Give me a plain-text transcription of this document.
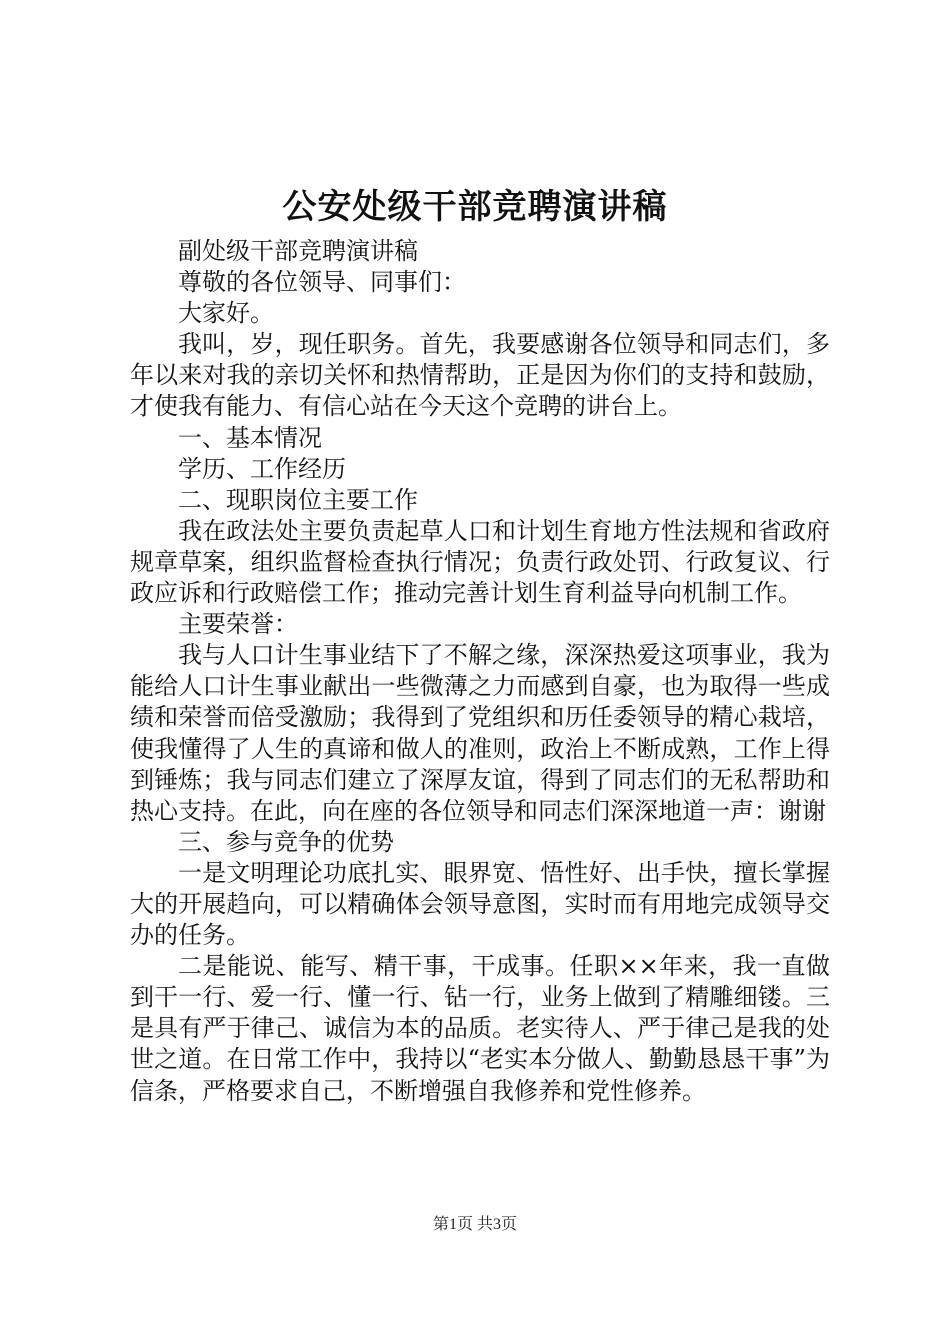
公安处级干部竞聘演讲稿

副处级干部竞聘演讲稿

尊敬的各位领导、同事们：

大家好。

我叫，岁，现任职务。首先，我要感谢各位领导和同志们，多年以来对我的亲切关怀和热情帮助，正是因为你们的支持和鼓励，才使我有能力、有信心站在今天这个竞聘的讲台上。

一、基本情况

学历、工作经历

二、现职岗位主要工作

我在政法处主要负责起草人口和计划生育地方性法规和省政府规章草案，组织监督检查执行情况；负责行政处罚、行政复议、行政应诉和行政赔偿工作；推动完善计划生育利益导向机制工作。

主要荣誉：

我与人口计生事业结下了不解之缘，深深热爱这项事业，我为能给人口计生事业献出一些微薄之力而感到自豪，也为取得一些成绩和荣誉而倍受激励；我得到了党组织和历任委领导的精心栽培，使我懂得了人生的真谛和做人的准则，政治上不断成熟，工作上得到锤炼；我与同志们建立了深厚友谊，得到了同志们的无私帮助和热心支持。在此，向在座的各位领导和同志们深深地道一声：谢谢

三、参与竞争的优势

一是文明理论功底扎实、眼界宽、悟性好、出手快，擅长掌握大的开展趋向，可以精确体会领导意图，实时而有用地完成领导交办的任务。

二是能说、能写、精干事，干成事。任职××年来，我一直做到干一行、爱一行、懂一行、钻一行，业务上做到了精雕细镂。三是具有严于律己、诚信为本的品质。老实待人、严于律己是我的处世之道。在日常工作中，我持以“老实本分做人、勤勤恳恳干事”为信条，严格要求自己，不断增强自我修养和党性修养。

第1页 共3页
